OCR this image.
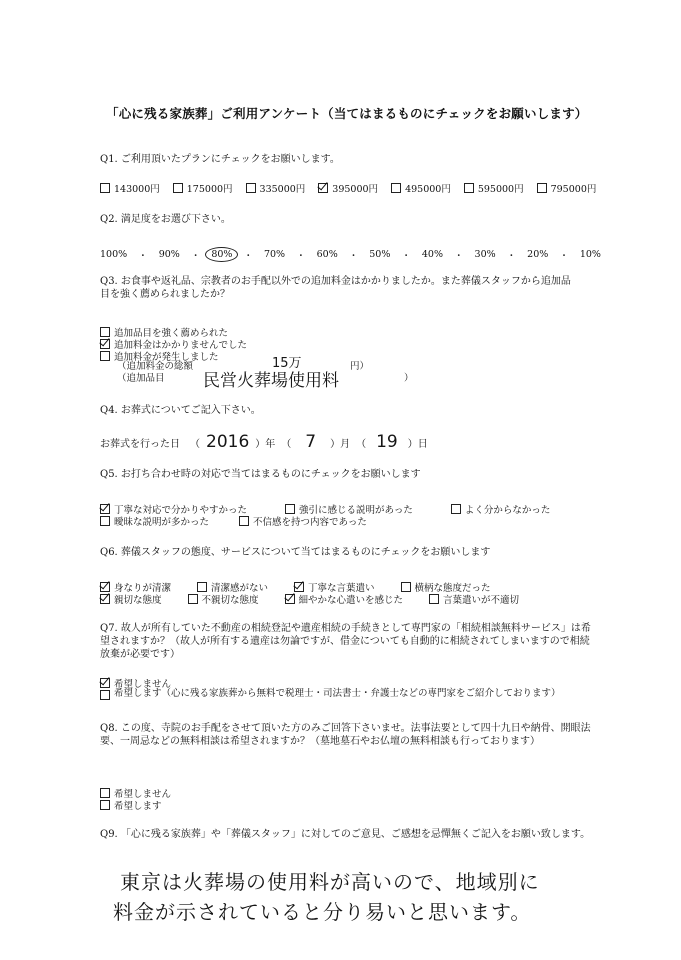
「心に残る家族葬」ご利用アンケート（当てはまるものにチェックをお願いします）
Q1. ご利用頂いたプランにチェックをお願いします。
143000円	175000円	335000円	395000円	495000円	595000円	795000円
Q2. 満足度をお選び下さい。
100% ・ 90% ・	80%	・ 70% ・ 60% ・ 50% ・ 40% ・ 30% ・ 20% ・ 10%
Q3. お食事や返礼品、宗教者のお手配以外での追加料金はかかりましたか。また葬儀スタッフから追加品目を強く薦められましたか？
追加品目を強く薦められた
追加料金はかかりませんでした
追加料金が発生しました
（追加料金の総額	15万	円）
（追加品目 民営火葬場使用料	）
Q4. お葬式についてご記入下さい。
お葬式を行った日 （ 2016 ） 年 （ 7 ） 月 （ 19 ） 日
Q5. お打ち合わせ時の対応で当てはまるものにチェックをお願いします
丁寧な対応で分かりやすかった	強引に感じる説明があった	よく分からなかった
曖昧な説明が多かった	不信感を持つ内容であった
Q6. 葬儀スタッフの態度、サービスについて当てはまるものにチェックをお願いします
身なりが清潔	清潔感がない	丁寧な言葉遣い	横柄な態度だった
親切な態度	不親切な態度	細やかな心遣いを感じた	言葉遣いが不適切
Q7. 故人が所有していた不動産の相続登記や遺産相続の手続きとして専門家の「相続相談無料サービス」は希望されますか？（故人が所有する遺産は勿論ですが、借金についても自動的に相続されてしまいますので相続放棄が必要です）
希望しません
希望します（心に残る家族葬から無料で税理士・司法書士・弁護士などの専門家をご紹介しております）
Q8. この度、寺院のお手配をさせて頂いた方のみご回答下さいませ。法事法要として四十九日や納骨、開眼法要、一周忌などの無料相談は希望されますか？（墓地墓石やお仏壇の無料相談も行っております）
希望しません
希望します
Q9. 「心に残る家族葬」や「葬儀スタッフ」に対してのご意見、ご感想を忌憚無くご記入をお願い致します。
東京は火葬場の使用料が高いので、地域別に
料金が示されていると分り易いと思います。
